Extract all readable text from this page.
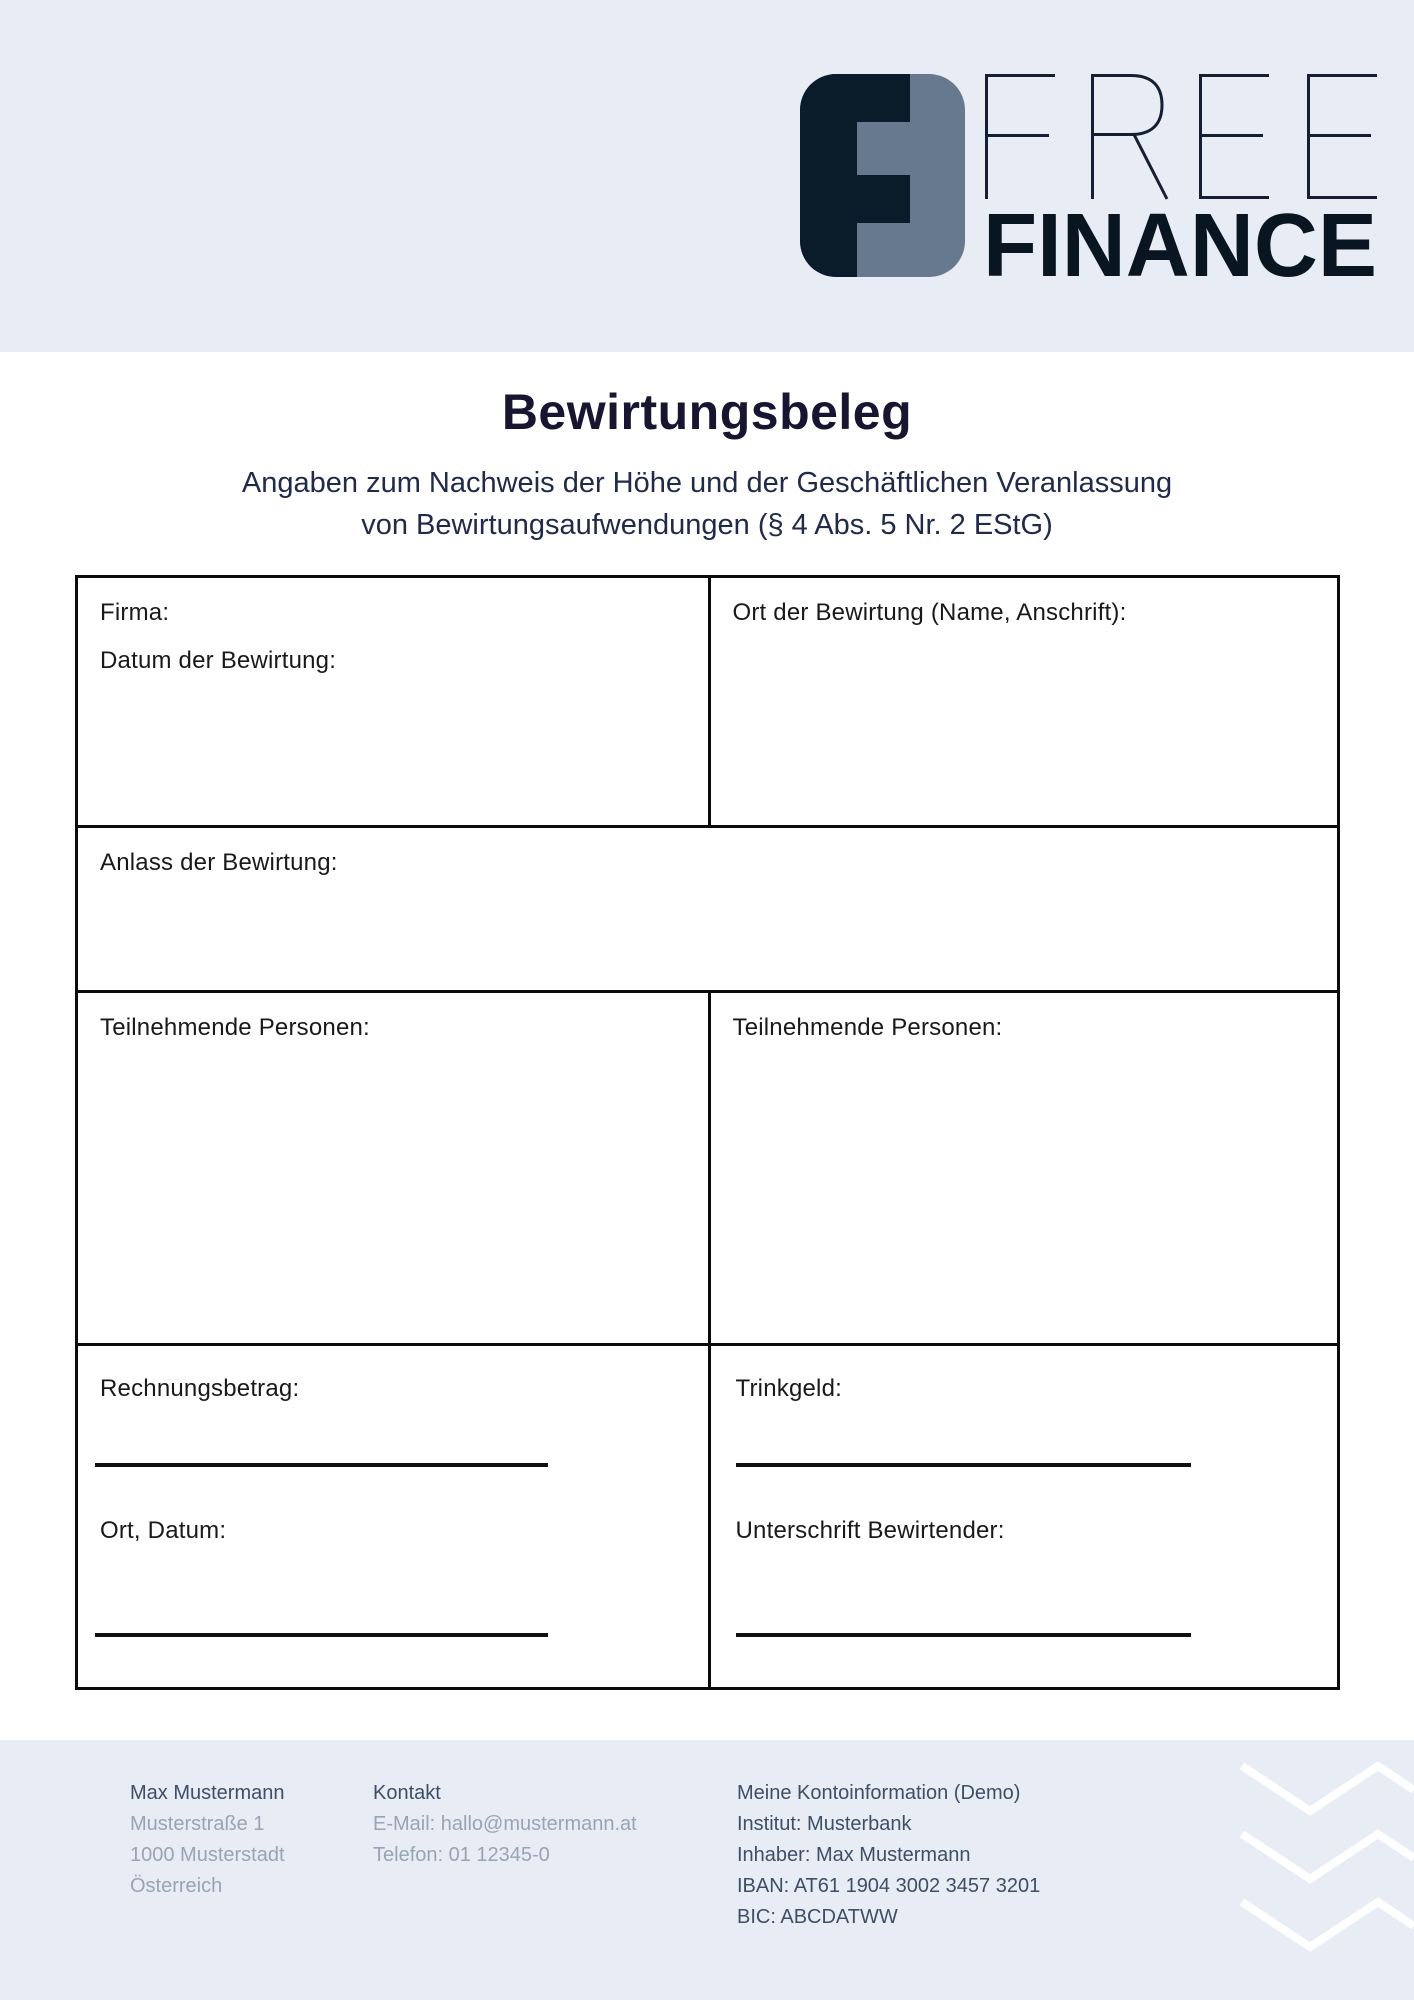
FINANCE
Bewirtungsbeleg

Angaben zum Nachweis der Höhe und der Geschäftlichen Veranlassung
von Bewirtungsaufwendungen (§ 4 Abs. 5 Nr. 2 EStG)

Firma:
Datum der Bewirtung:
Ort der Bewirtung (Name, Anschrift):
Anlass der Bewirtung:
Teilnehmende Personen:	Teilnehmende Personen:
Rechnungsbetrag:
Ort, Datum:
Trinkgeld:
Unterschrift Bewirtender:
Max Mustermann
Musterstraße 1
1000 Musterstadt
Österreich
Kontakt
E-Mail: hallo@mustermann.at
Telefon: 01 12345-0
Meine Kontoinformation (Demo)
Institut: Musterbank
Inhaber: Max Mustermann
IBAN: AT61 1904 3002 3457 3201
BIC: ABCDATWW
